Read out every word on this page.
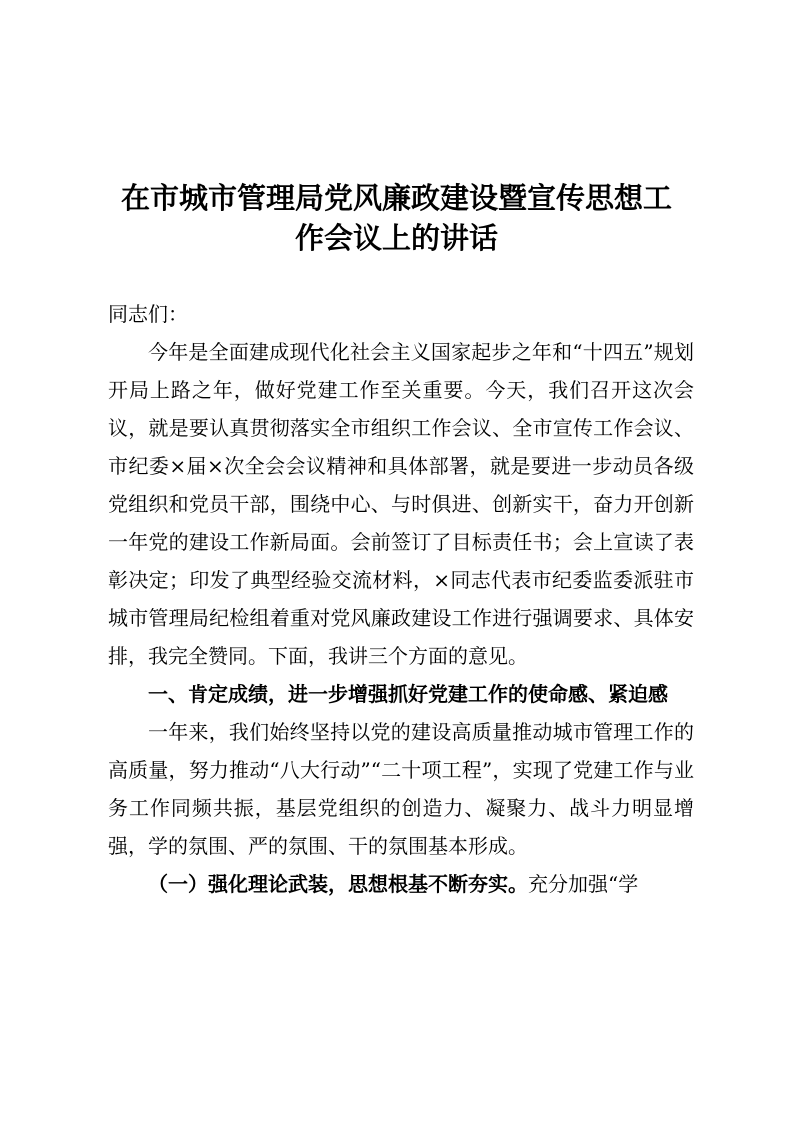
在市城市管理局党风廉政建设暨宣传思想工
作会议上的讲话

同志们：

今年是全面建成现代化社会主义国家起步之年和“十四五”规划开局上路之年，做好党建工作至关重要。今天，我们召开这次会议，就是要认真贯彻落实全市组织工作会议、全市宣传工作会议、市纪委×届×次全会会议精神和具体部署，就是要进一步动员各级党组织和党员干部，围绕中心、与时俱进、创新实干，奋力开创新一年党的建设工作新局面。会前签订了目标责任书；会上宣读了表彰决定；印发了典型经验交流材料，×同志代表市纪委监委派驻市城市管理局纪检组着重对党风廉政建设工作进行强调要求、具体安排，我完全赞同。下面，我讲三个方面的意见。

一、肯定成绩，进一步增强抓好党建工作的使命感、紧迫感

一年来，我们始终坚持以党的建设高质量推动城市管理工作的高质量，努力推动“八大行动”“二十项工程”，实现了党建工作与业务工作同频共振，基层党组织的创造力、凝聚力、战斗力明显增强，学的氛围、严的氛围、干的氛围基本形成。

（一）强化理论武装，思想根基不断夯实。充分加强“学
